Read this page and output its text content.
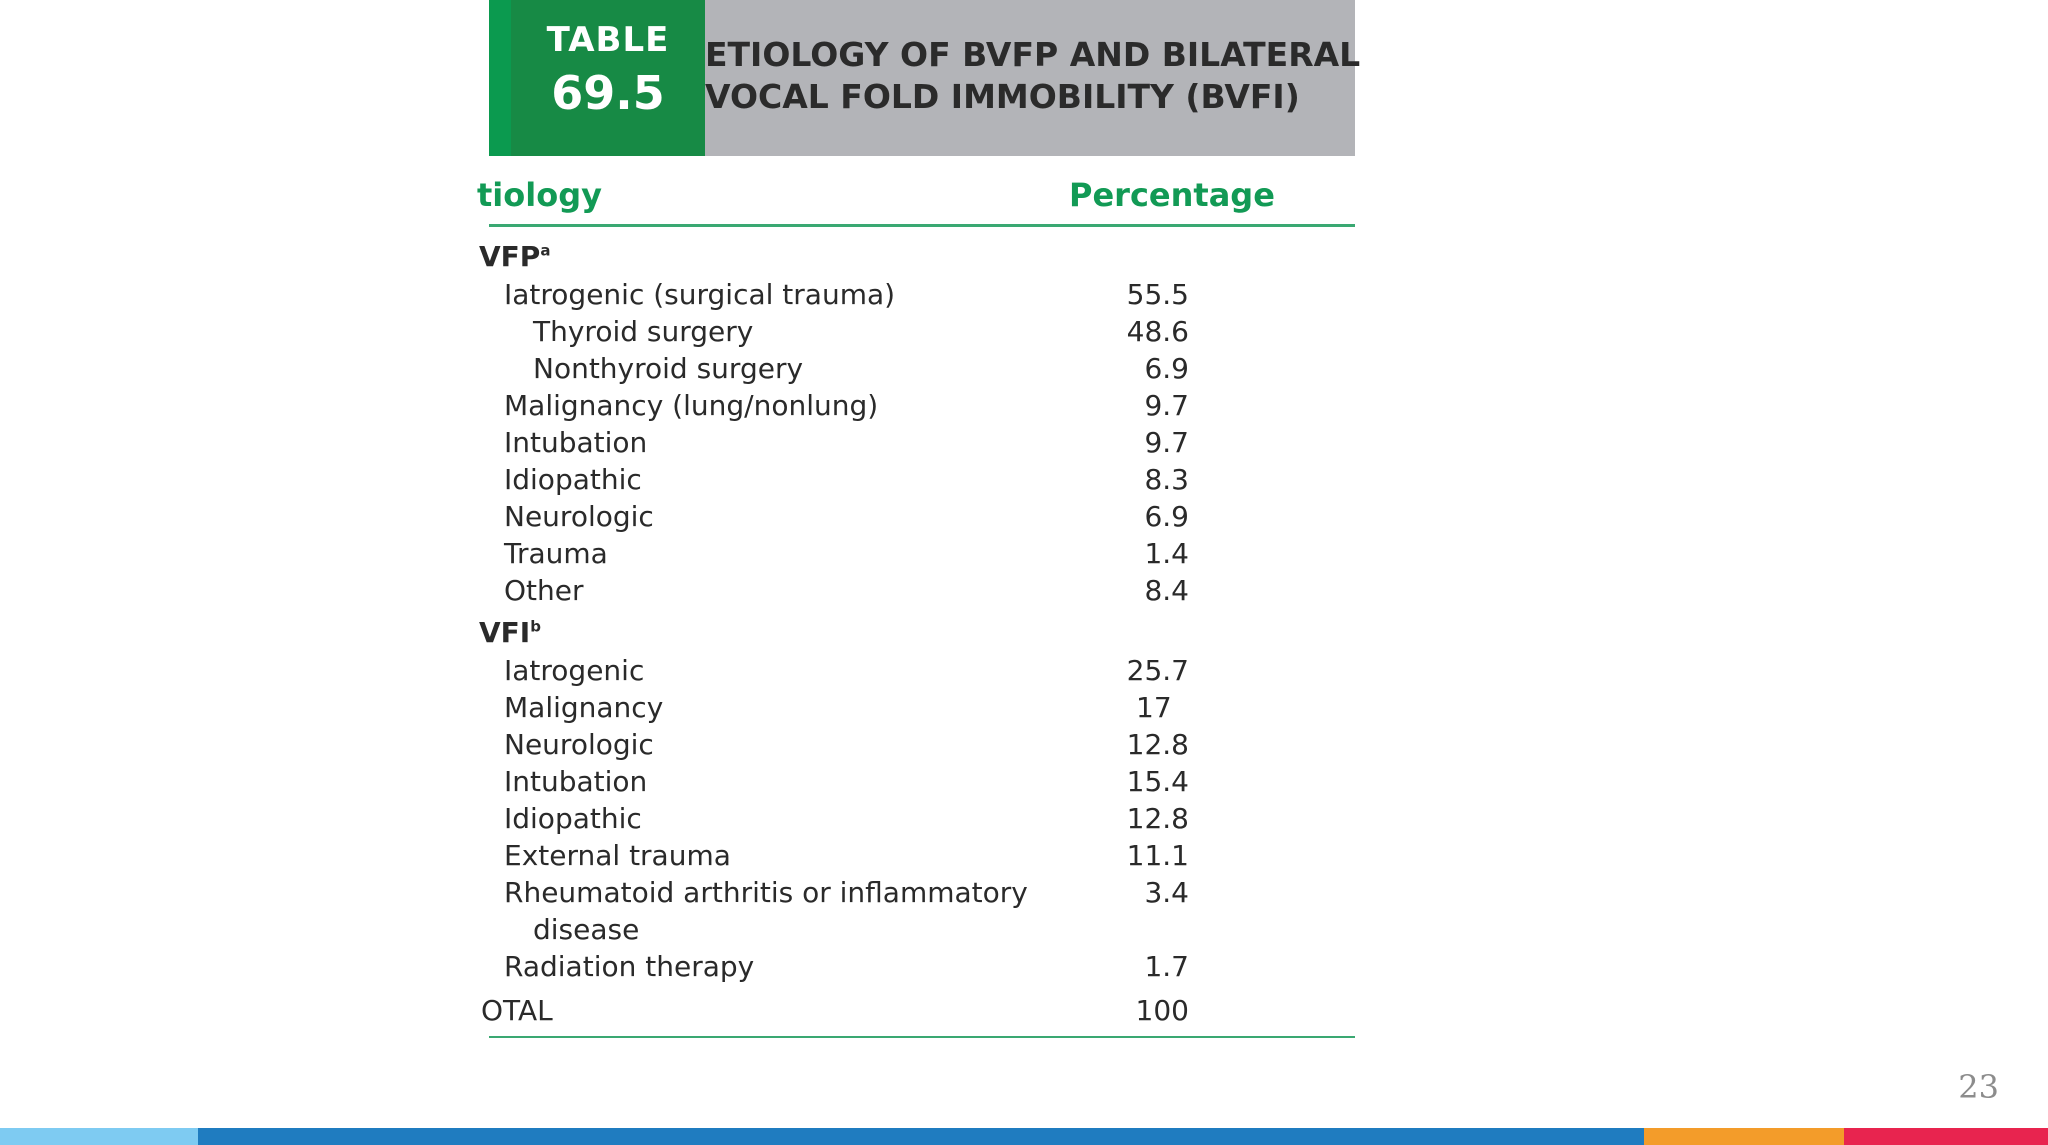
TABLE
69.5
ETIOLOGY OF BVFP AND BILATERAL
VOCAL FOLD IMMOBILITY (BVFI)
tiology	Percentage
VFP$^a$
Iatrogenic (surgical trauma)	55.5
Thyroid surgery	48.6
Nonthyroid surgery	6.9
Malignancy (lung/nonlung)	9.7
Intubation	9.7
Idiopathic	8.3
Neurologic	6.9
Trauma	1.4
Other	8.4
VFI$^b$
Iatrogenic	25.7
Malignancy	17
Neurologic	12.8
Intubation	15.4
Idiopathic	12.8
External trauma	11.1
Rheumatoid arthritis or inflammatory	3.4
disease
Radiation therapy	1.7
OTAL	100
23
